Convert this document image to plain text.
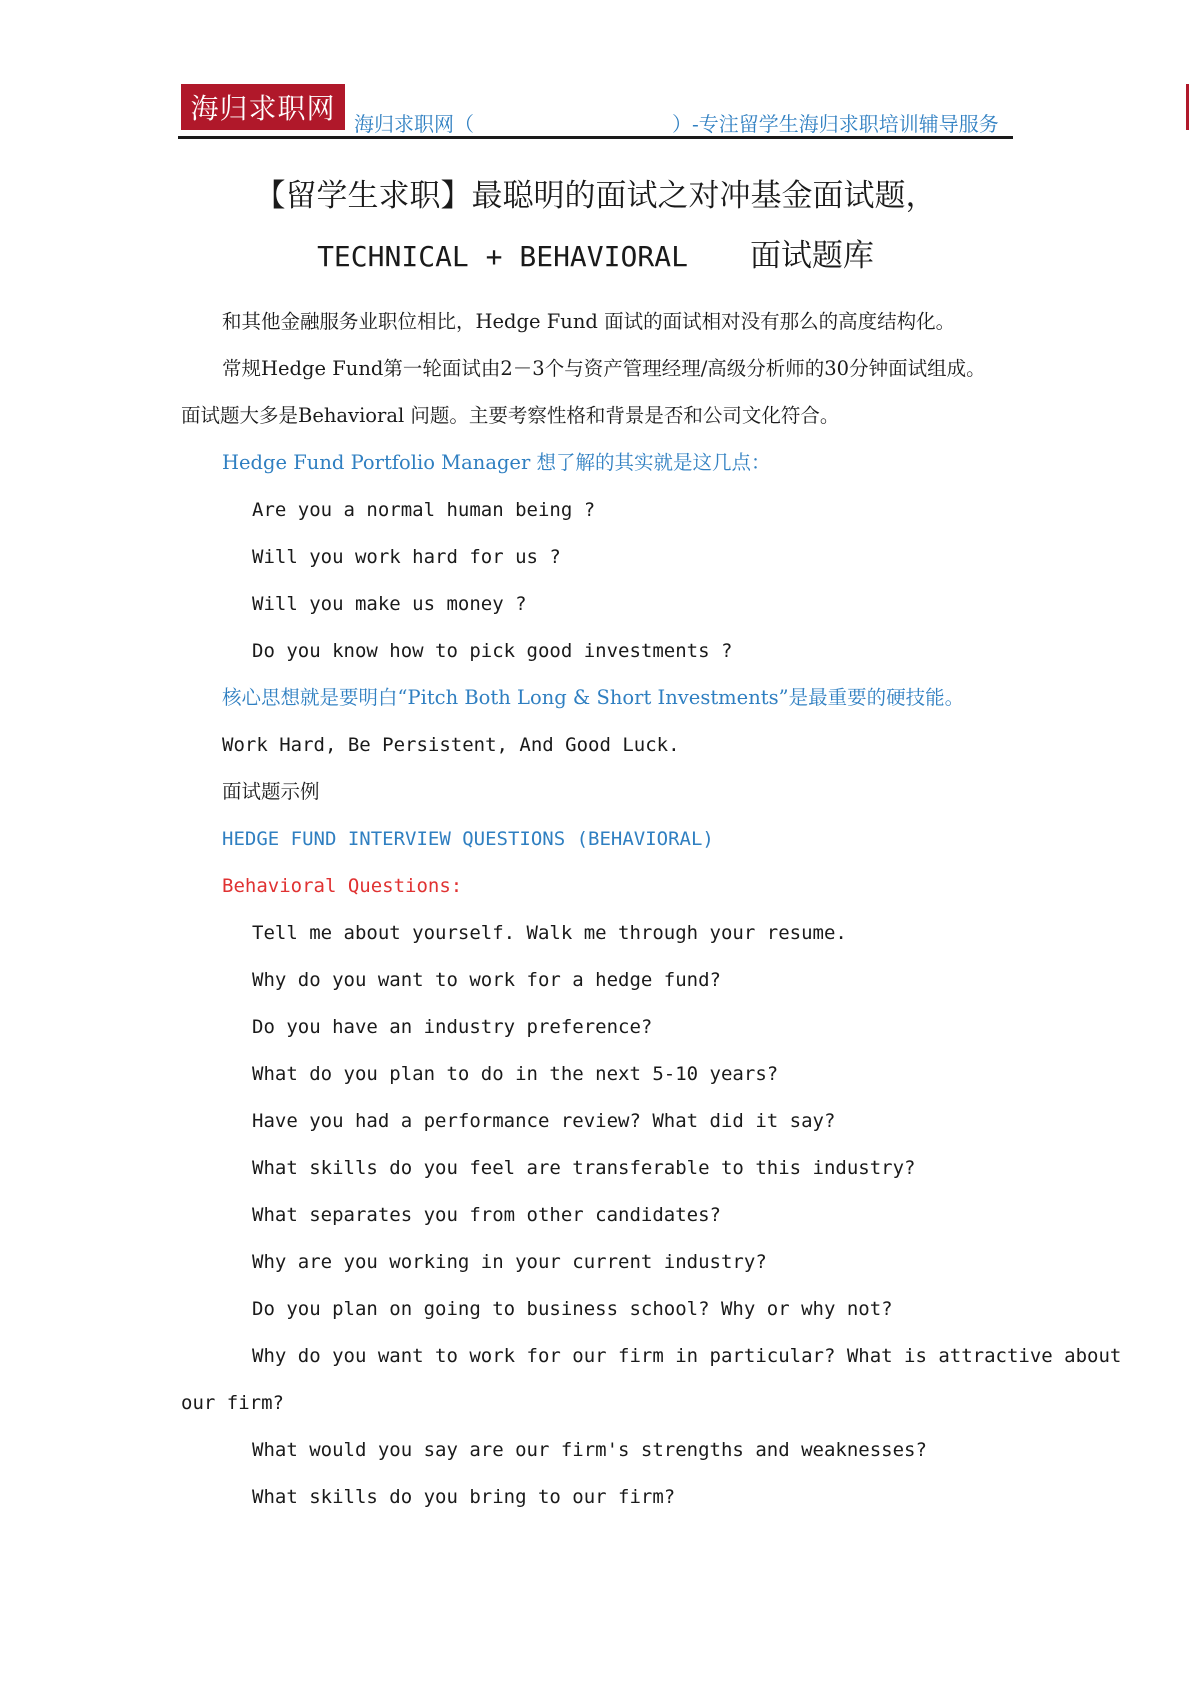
海归求职网 海归求职网（	）-专注留学生海归求职培训辅导服务
【留学生求职】最聪明的面试之对冲基金面试题，
TECHNICAL + BEHAVIORAL 面试题库
和其他金融服务业职位相比，Hedge Fund 面试的面试相对没有那么的高度结构化。
常规Hedge Fund第一轮面试由2－3个与资产管理经理/高级分析师的30分钟面试组成。
面试题大多是Behavioral 问题。主要考察性格和背景是否和公司文化符合。
Hedge Fund Portfolio Manager 想了解的其实就是这几点：
Are you a normal human being ?
Will you work hard for us ?
Will you make us money ?
Do you know how to pick good investments ?
核心思想就是要明白“Pitch Both Long & Short Investments”是最重要的硬技能。
Work Hard, Be Persistent, And Good Luck.
面试题示例
HEDGE FUND INTERVIEW QUESTIONS (BEHAVIORAL)
Behavioral Questions:
Tell me about yourself. Walk me through your resume.
Why do you want to work for a hedge fund?
Do you have an industry preference?
What do you plan to do in the next 5-10 years?
Have you had a performance review? What did it say?
What skills do you feel are transferable to this industry?
What separates you from other candidates?
Why are you working in your current industry?
Do you plan on going to business school? Why or why not?
Why do you want to work for our firm in particular? What is attractive about
our firm?
What would you say are our firm's strengths and weaknesses?
What skills do you bring to our firm?
